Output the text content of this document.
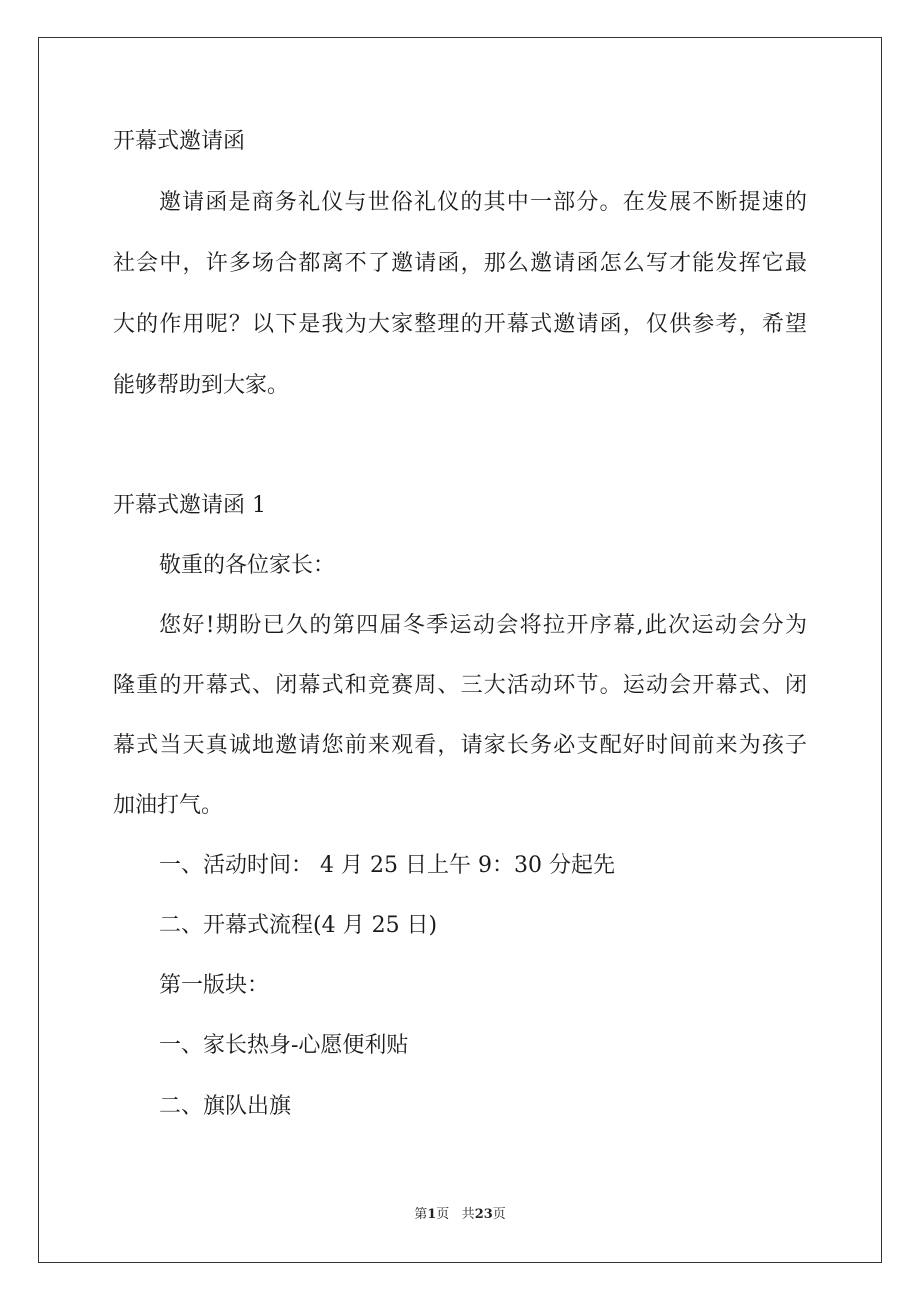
开幕式邀请函
邀请函是商务礼仪与世俗礼仪的其中一部分。在发展不断提速的
社会中，许多场合都离不了邀请函，那么邀请函怎么写才能发挥它最
大的作用呢？以下是我为大家整理的开幕式邀请函，仅供参考，希望
能够帮助到大家。
开幕式邀请函 1
敬重的各位家长：
您好!期盼已久的第四届冬季运动会将拉开序幕,此次运动会分为
隆重的开幕式、闭幕式和竞赛周、三大活动环节。运动会开幕式、闭
幕式当天真诚地邀请您前来观看，请家长务必支配好时间前来为孩子
加油打气。
一、活动时间： 4 月 25 日上午 9：30 分起先
二、开幕式流程(4 月 25 日)
第一版块：
一、家长热身-心愿便利贴
二、旗队出旗
第1页 共23页
